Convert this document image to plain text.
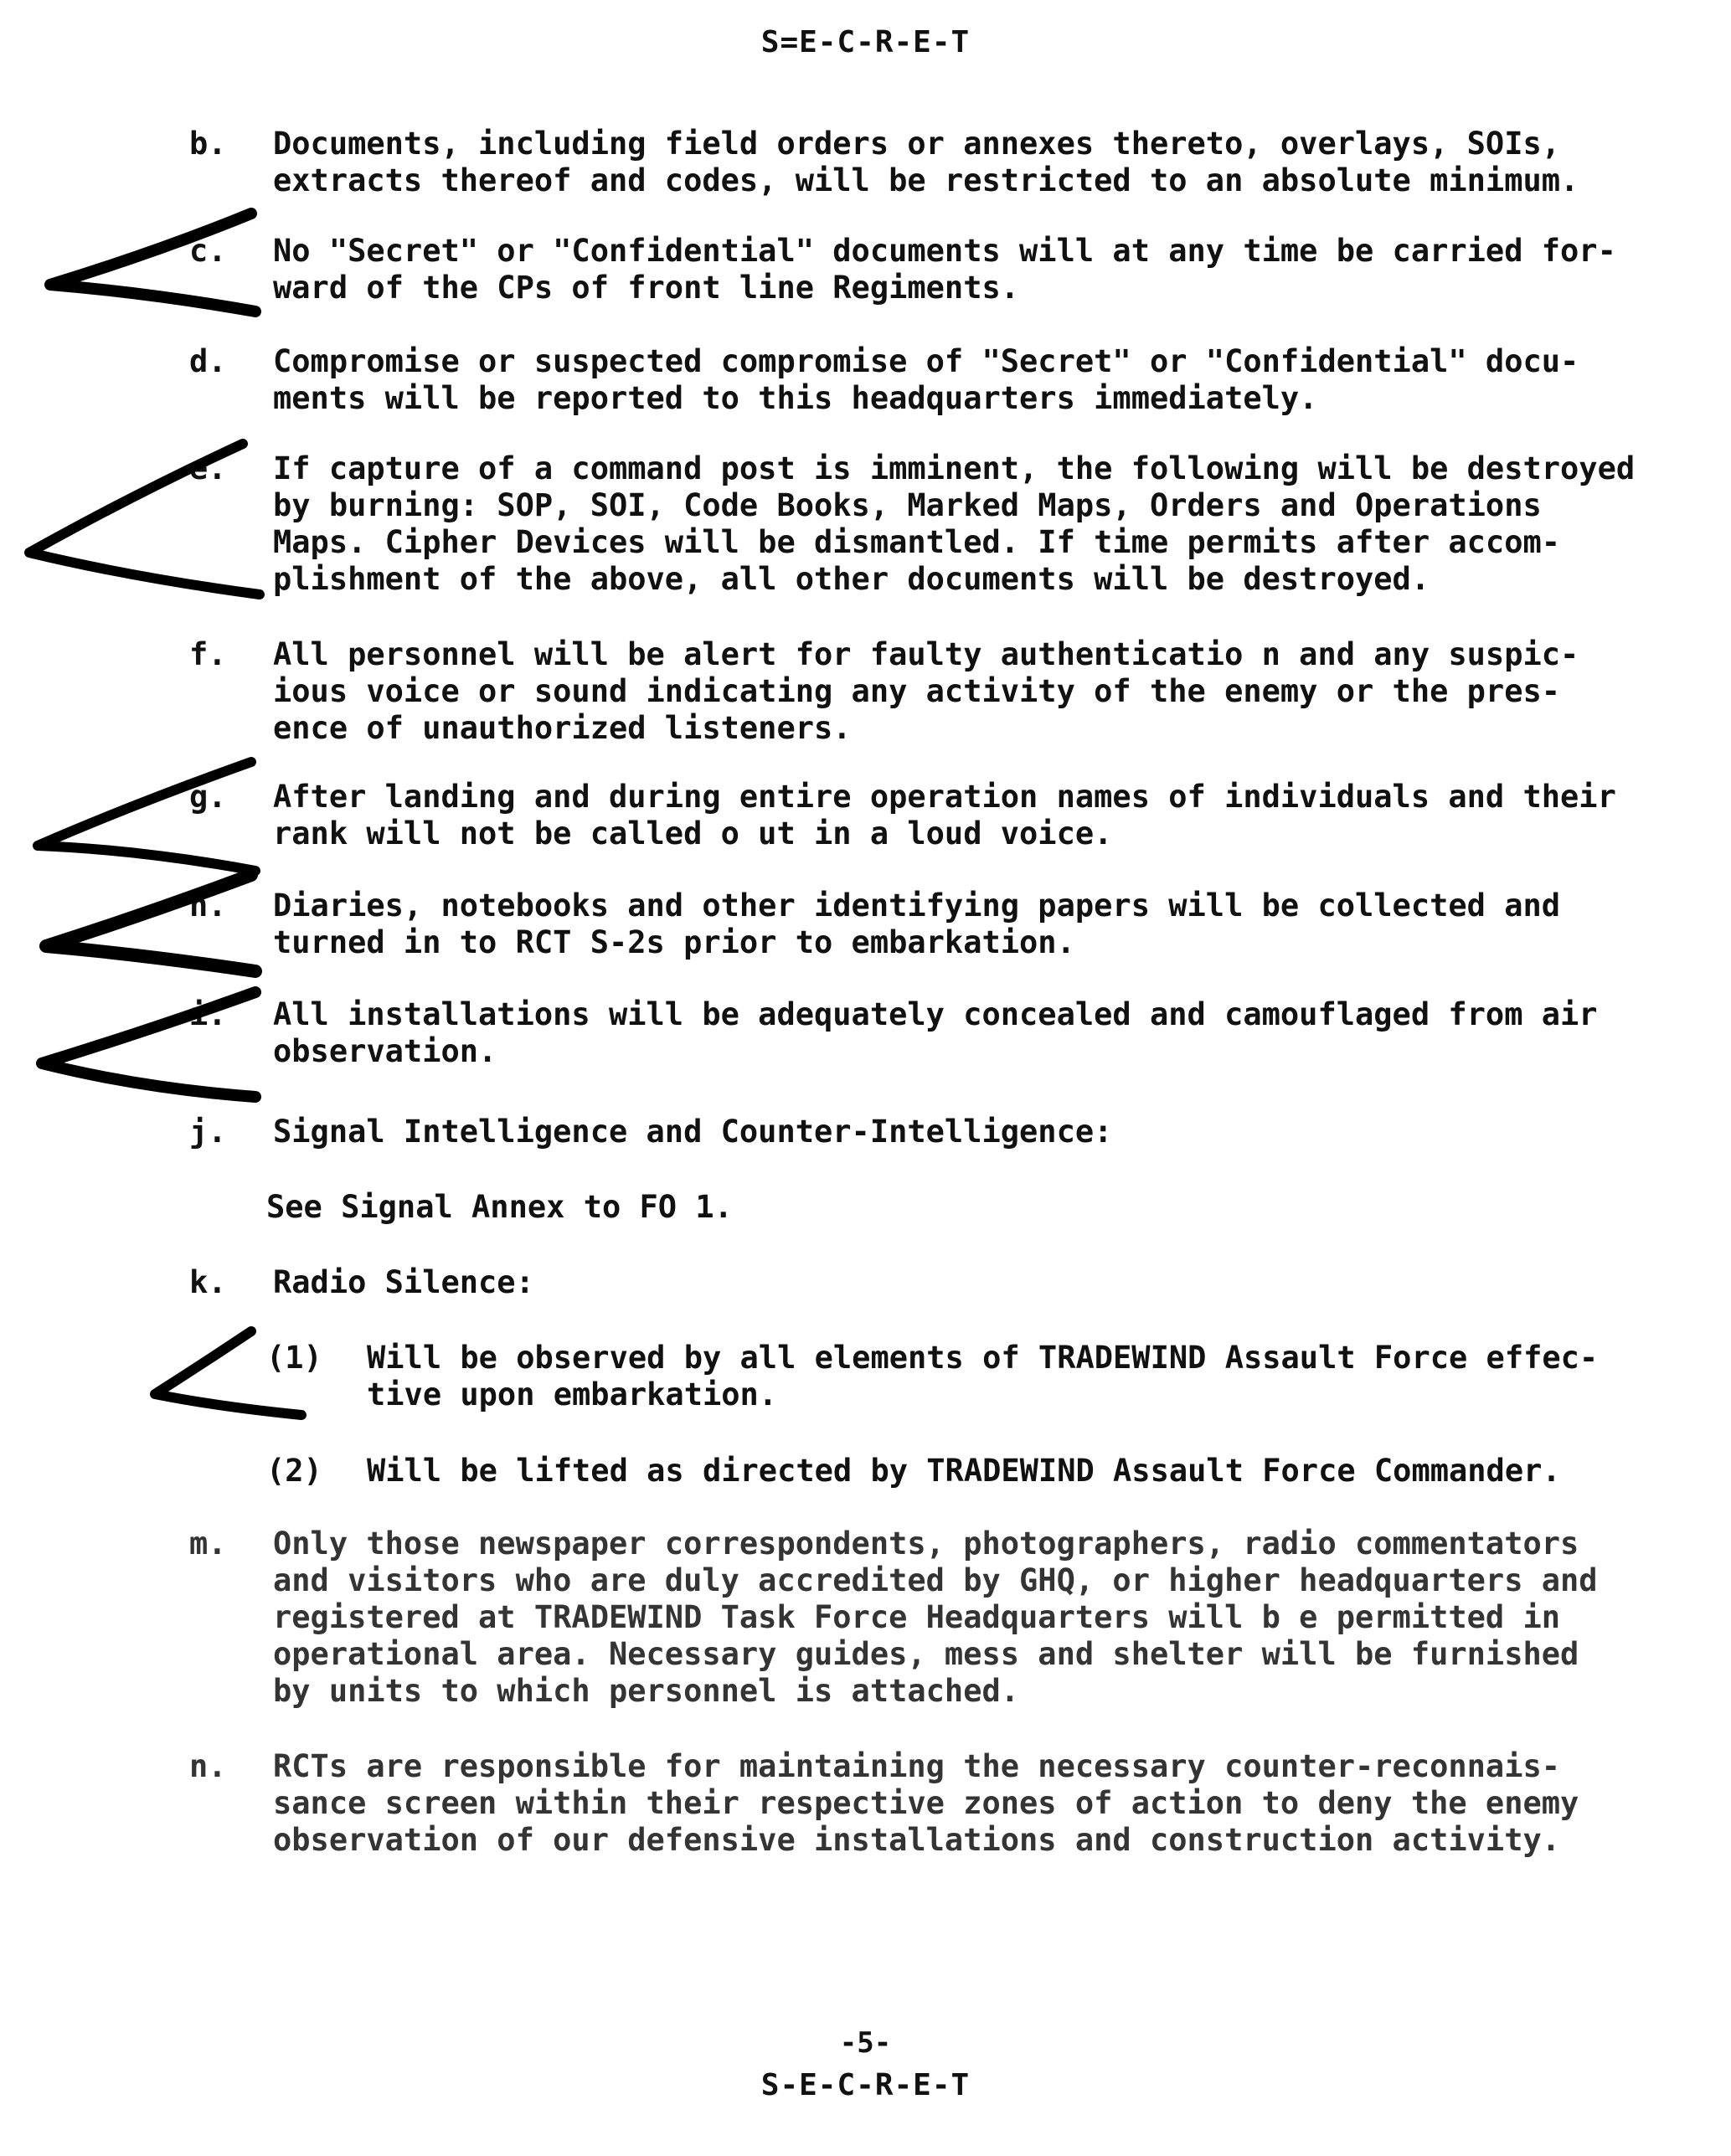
S=E-C-R-E-T
b.	Documents, including field orders or annexes thereto, overlays, SOIs,
extracts thereof and codes, will be restricted to an absolute minimum.
c.	No "Secret" or "Confidential" documents will at any time be carried for-
ward of the CPs of front line Regiments.
d.	Compromise or suspected compromise of "Secret" or "Confidential" docu-
ments will be reported to this headquarters immediately.
e.	If capture of a command post is imminent, the following will be destroyed
by burning: SOP, SOI, Code Books, Marked Maps, Orders and Operations
Maps. Cipher Devices will be dismantled. If time permits after accom-
plishment of the above, all other documents will be destroyed.
f.	All personnel will be alert for faulty authenticatio n and any suspic-
ious voice or sound indicating any activity of the enemy or the pres-
ence of unauthorized listeners.
g.	After landing and during entire operation names of individuals and their
rank will not be called o ut in a loud voice.
h.	Diaries, notebooks and other identifying papers will be collected and
turned in to RCT S-2s prior to embarkation.
i.	All installations will be adequately concealed and camouflaged from air
observation.
j.	Signal Intelligence and Counter-Intelligence:
See Signal Annex to FO 1.
k.	Radio Silence:
(1)	Will be observed by all elements of TRADEWIND Assault Force effec-
tive upon embarkation.
(2)	Will be lifted as directed by TRADEWIND Assault Force Commander.
m.	Only those newspaper correspondents, photographers, radio commentators
and visitors who are duly accredited by GHQ, or higher headquarters and
registered at TRADEWIND Task Force Headquarters will b e permitted in
operational area. Necessary guides, mess and shelter will be furnished
by units to which personnel is attached.
n.	RCTs are responsible for maintaining the necessary counter-reconnais-
sance screen within their respective zones of action to deny the enemy
observation of our defensive installations and construction activity.
-5-
S-E-C-R-E-T
